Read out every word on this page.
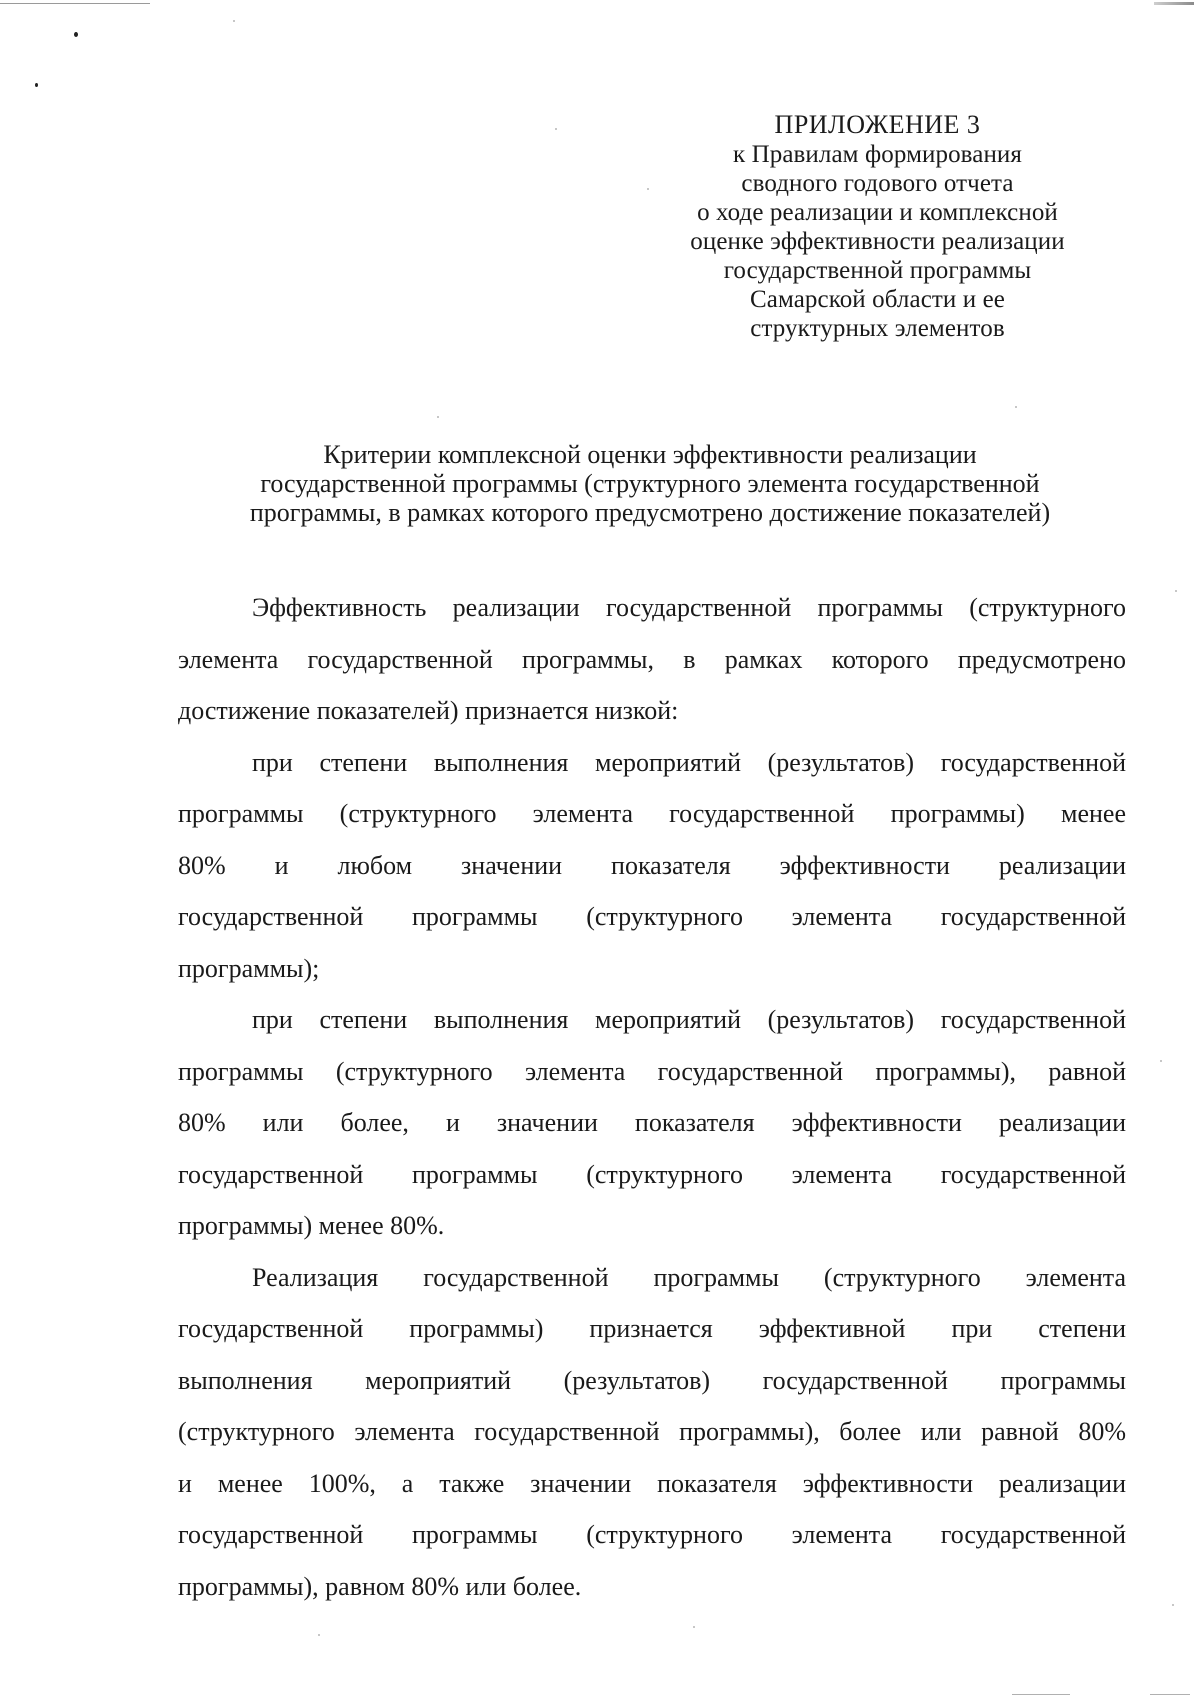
ПРИЛОЖЕНИЕ 3
к Правилам формирования
сводного годового отчета
о ходе реализации и комплексной
оценке эффективности реализации
государственной программы
Самарской области и ее
структурных элементов
Критерии комплексной оценки эффективности реализации
государственной программы (структурного элемента государственной
программы, в рамках которого предусмотрено достижение показателей)
Эффективность реализации государственной программы (структурного
элемента государственной программы, в рамках которого предусмотрено
достижение показателей) признается низкой:
при степени выполнения мероприятий (результатов) государственной
программы (структурного элемента государственной программы) менее
80% и любом значении показателя эффективности реализации
государственной программы (структурного элемента государственной
программы);
при степени выполнения мероприятий (результатов) государственной
программы (структурного элемента государственной программы), равной
80% или более, и значении показателя эффективности реализации
государственной программы (структурного элемента государственной
программы) менее 80%.
Реализация государственной программы (структурного элемента
государственной программы) признается эффективной при степени
выполнения мероприятий (результатов) государственной программы
(структурного элемента государственной программы), более или равной 80%
и менее 100%, а также значении показателя эффективности реализации
государственной программы (структурного элемента государственной
программы), равном 80% или более.
